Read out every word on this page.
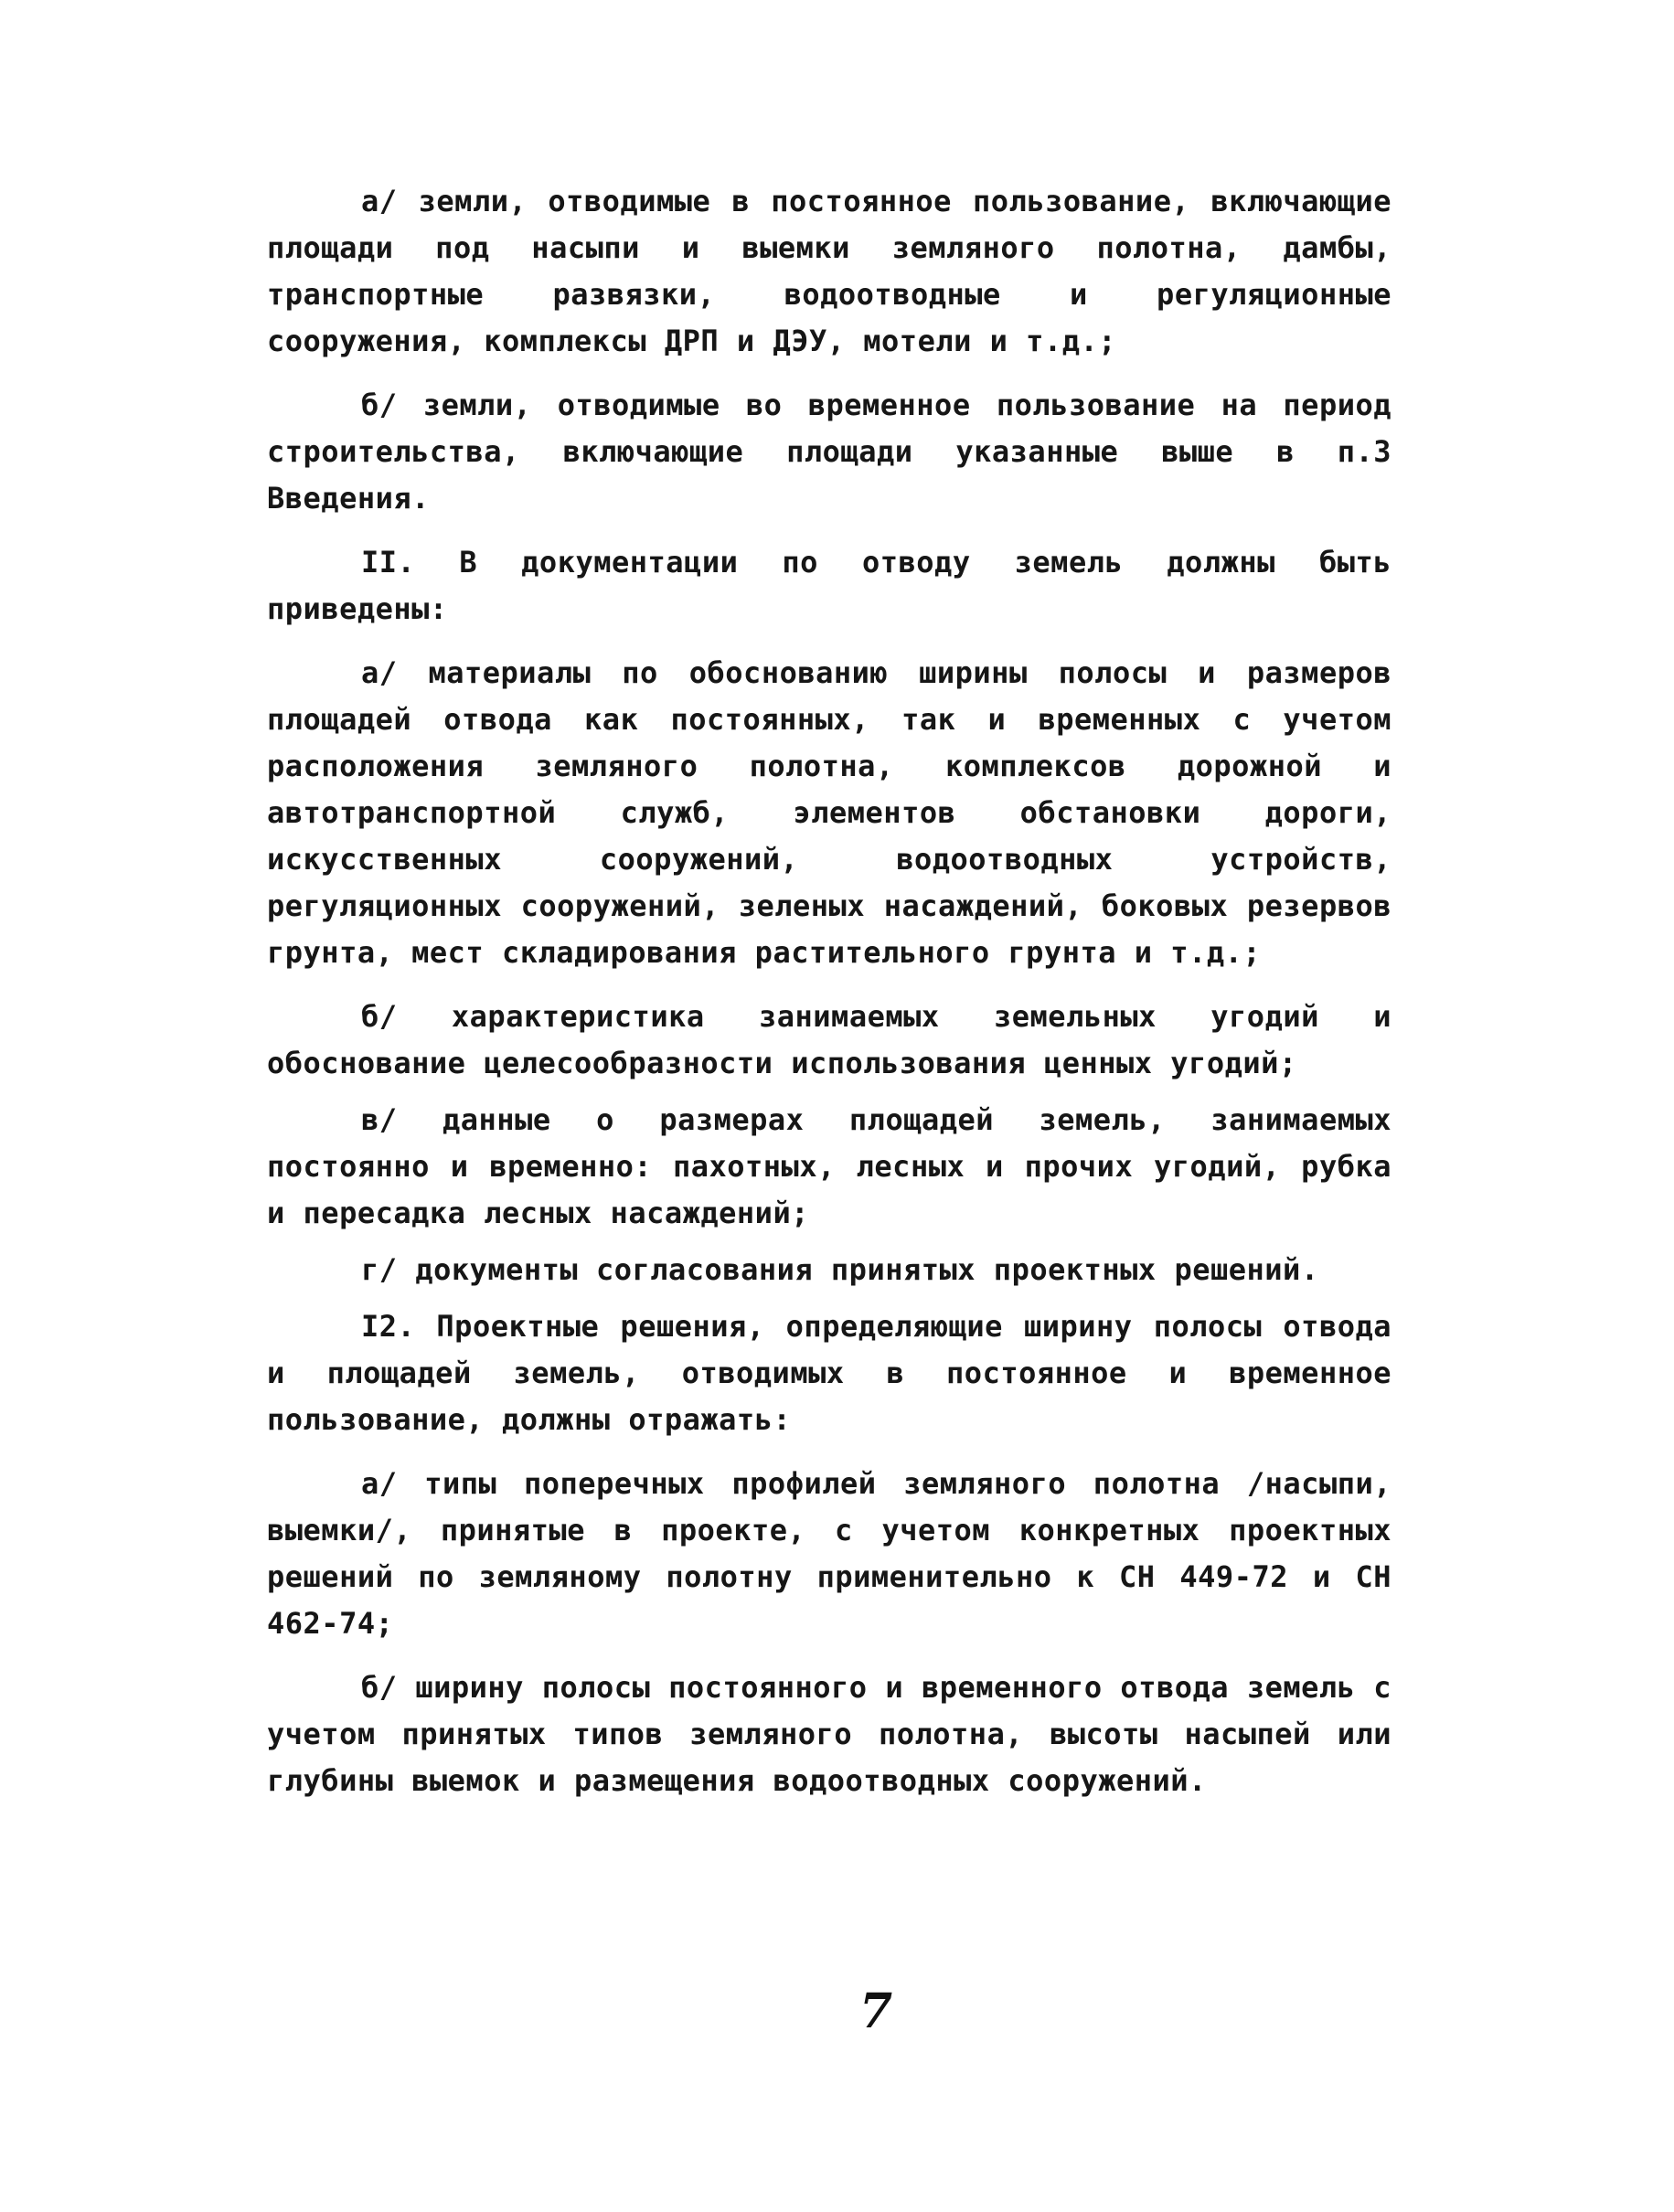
а/ земли, отводимые в постоянное пользование, включающие площади под насыпи и выемки земляного полотна, дамбы, транспортные развязки, водоотводные и регуляционные сооружения, комплексы ДРП и ДЭУ, мотели и т.д.;

б/ земли, отводимые во временное пользование на период строительства, включающие площади указанные выше в п.3 Введения.

II. В документации по отводу земель должны быть приведены:

а/ материалы по обоснованию ширины полосы и размеров площадей отвода как постоянных, так и временных с учетом расположения земляного полотна, комплексов дорожной и автотранспортной служб, элементов обстановки дороги, искусственных сооружений, водоотводных устройств, регуляционных сооружений, зеленых насаждений, боковых резервов грунта, мест складирования растительного грунта и т.д.;

б/ характеристика занимаемых земельных угодий и обоснование целесообразности использования ценных угодий;

в/ данные о размерах площадей земель, занимаемых постоянно и временно: пахотных, лесных и прочих угодий, рубка и пересадка лесных насаждений;

г/ документы согласования принятых проектных решений.

I2. Проектные решения, определяющие ширину полосы отвода и площадей земель, отводимых в постоянное и временное пользование, должны отражать:

а/ типы поперечных профилей земляного полотна /насыпи, выемки/, принятые в проекте, с учетом конкретных проектных решений по земляному полотну применительно к СН 449-72 и СН 462-74;

б/ ширину полосы постоянного и временного отвода земель с учетом принятых типов земляного полотна, высоты насыпей или глубины выемок и размещения водоотводных сооружений.

7
